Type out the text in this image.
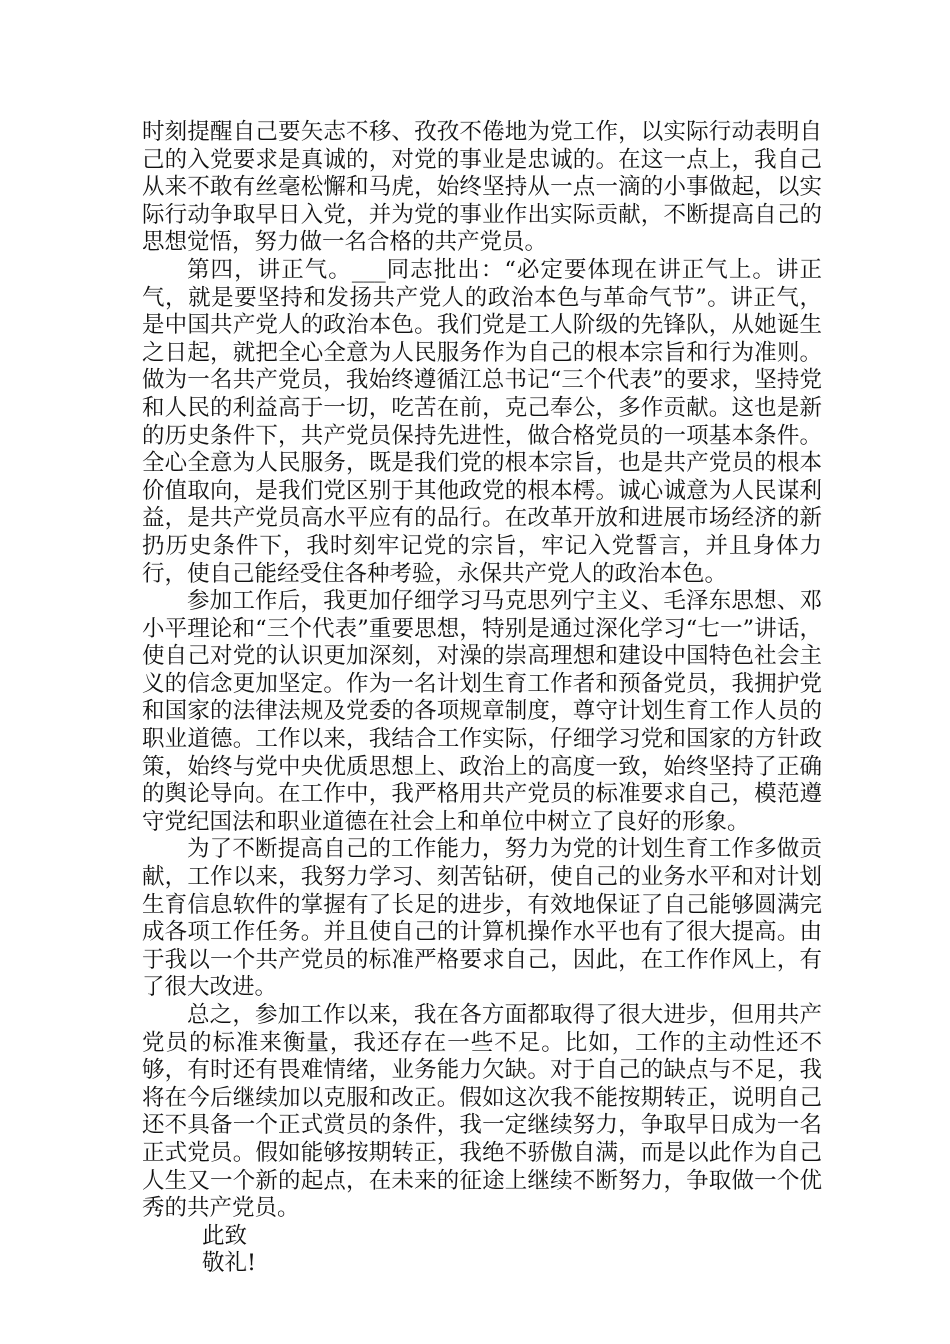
时刻提醒自己要矢志不移、孜孜不倦地为党工作，以实际行动表明自己的入党要求是真诚的，对党的事业是忠诚的。在这一点上，我自己从来不敢有丝毫松懈和马虎，始终坚持从一点一滴的小事做起，以实际行动争取早日入党，并为党的事业作出实际贡献，不断提高自己的思想觉悟，努力做一名合格的共产党员。

第四，讲正气。___同志批出：“必定要体现在讲正气上。讲正气，就是要坚持和发扬共产党人的政治本色与革命气节”。讲正气，是中国共产党人的政治本色。我们党是工人阶级的先锋队，从她诞生之日起，就把全心全意为人民服务作为自己的根本宗旨和行为准则。做为一名共产党员，我始终遵循江总书记“三个代表”的要求，坚持党和人民的利益高于一切，吃苦在前，克己奉公，多作贡献。这也是新的历史条件下，共产党员保持先进性，做合格党员的一项基本条件。全心全意为人民服务，既是我们党的根本宗旨，也是共产党员的根本价值取向，是我们党区别于其他政党的根本樗。诚心诚意为人民谋利益，是共产党员高水平应有的品行。在改革开放和进展市场经济的新扔历史条件下，我时刻牢记党的宗旨，牢记入党誓言，并且身体力行，使自己能经受住各种考验，永保共产党人的政治本色。

参加工作后，我更加仔细学习马克思列宁主义、毛泽东思想、邓小平理论和“三个代表”重要思想，特别是通过深化学习“七一”讲话，使自己对党的认识更加深刻，对澡的崇高理想和建设中国特色社会主义的信念更加坚定。作为一名计划生育工作者和预备党员，我拥护党和国家的法律法规及党委的各项规章制度，尊守计划生育工作人员的职业道德。工作以来，我结合工作实际，仔细学习党和国家的方针政策，始终与党中央优质思想上、政治上的高度一致，始终坚持了正确的舆论导向。在工作中，我严格用共产党员的标准要求自己，模范遵守党纪国法和职业道德在社会上和单位中树立了良好的形象。

为了不断提高自己的工作能力，努力为党的计划生育工作多做贡献，工作以来，我努力学习、刻苦钻研，使自己的业务水平和对计划生育信息软件的掌握有了长足的进步，有效地保证了自己能够圆满完成各项工作任务。并且使自己的计算机操作水平也有了很大提高。由于我以一个共产党员的标准严格要求自己，因此，在工作作风上，有了很大改进。

总之，参加工作以来，我在各方面都取得了很大进步，但用共产党员的标准来衡量，我还存在一些不足。比如，工作的主动性还不够，有时还有畏难情绪，业务能力欠缺。对于自己的缺点与不足，我将在今后继续加以克服和改正。假如这次我不能按期转正，说明自己还不具备一个正式赏员的条件，我一定继续努力，争取早日成为一名正式党员。假如能够按期转正，我绝不骄傲自满，而是以此作为自己人生又一个新的起点，在未来的征途上继续不断努力，争取做一个优秀的共产党员。

此致

敬礼!
